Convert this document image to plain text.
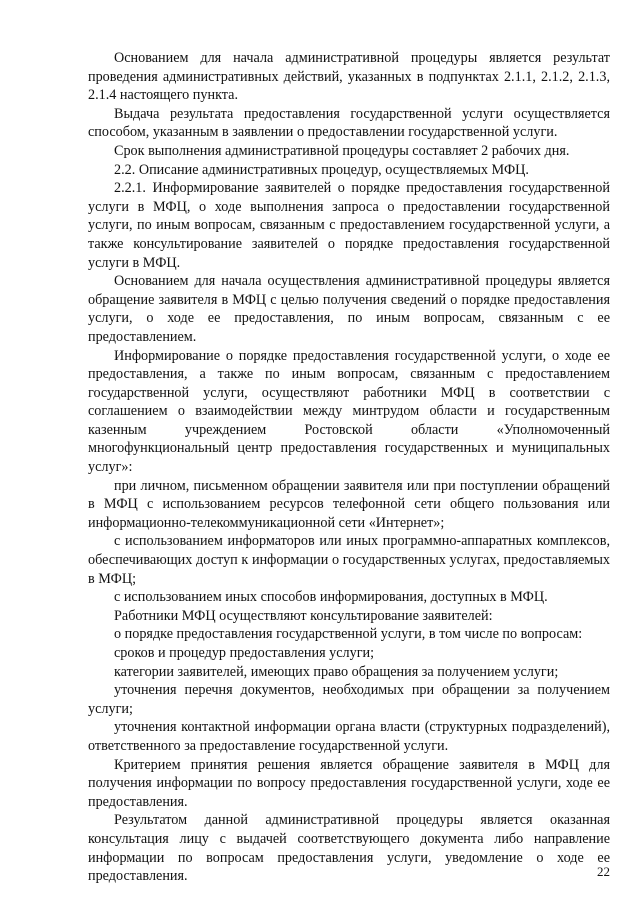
Основанием для начала административной процедуры является результат проведения административных действий, указанных в подпунктах 2.1.1, 2.1.2, 2.1.3, 2.1.4 настоящего пункта.

Выдача результата предоставления государственной услуги осуществляется способом, указанным в заявлении о предоставлении государственной услуги.

Срок выполнения административной процедуры составляет 2 рабочих дня.

2.2. Описание административных процедур, осуществляемых МФЦ.

2.2.1. Информирование заявителей о порядке предоставления государственной услуги в МФЦ, о ходе выполнения запроса о предоставлении государственной услуги, по иным вопросам, связанным с предоставлением государственной услуги, а также консультирование заявителей о порядке предоставления государственной услуги в МФЦ.

Основанием для начала осуществления административной процедуры является обращение заявителя в МФЦ с целью получения сведений о порядке предоставления услуги, о ходе ее предоставления, по иным вопросам, связанным с ее предоставлением.

Информирование о порядке предоставления государственной услуги, о ходе ее предоставления, а также по иным вопросам, связанным с предоставлением государственной услуги, осуществляют работники МФЦ в соответствии с соглашением о взаимодействии между минтрудом области и государственным казенным учреждением Ростовской области «Уполномоченный многофункциональный центр предоставления государственных и муниципальных услуг»:

при личном, письменном обращении заявителя или при поступлении обращений в МФЦ с использованием ресурсов телефонной сети общего пользования или информационно-телекоммуникационной сети «Интернет»;

с использованием информаторов или иных программно-аппаратных комплексов, обеспечивающих доступ к информации о государственных услугах, предоставляемых в МФЦ;

с использованием иных способов информирования, доступных в МФЦ.

Работники МФЦ осуществляют консультирование заявителей:

о порядке предоставления государственной услуги, в том числе по вопросам:

сроков и процедур предоставления услуги;

категории заявителей, имеющих право обращения за получением услуги;

уточнения перечня документов, необходимых при обращении за получением услуги;

уточнения контактной информации органа власти (структурных подразделений), ответственного за предоставление государственной услуги.

Критерием принятия решения является обращение заявителя в МФЦ для получения информации по вопросу предоставления государственной услуги, ходе ее предоставления.

Результатом данной административной процедуры является оказанная консультация лицу с выдачей соответствующего документа либо направление информации по вопросам предоставления услуги, уведомление о ходе ее предоставления.	22
